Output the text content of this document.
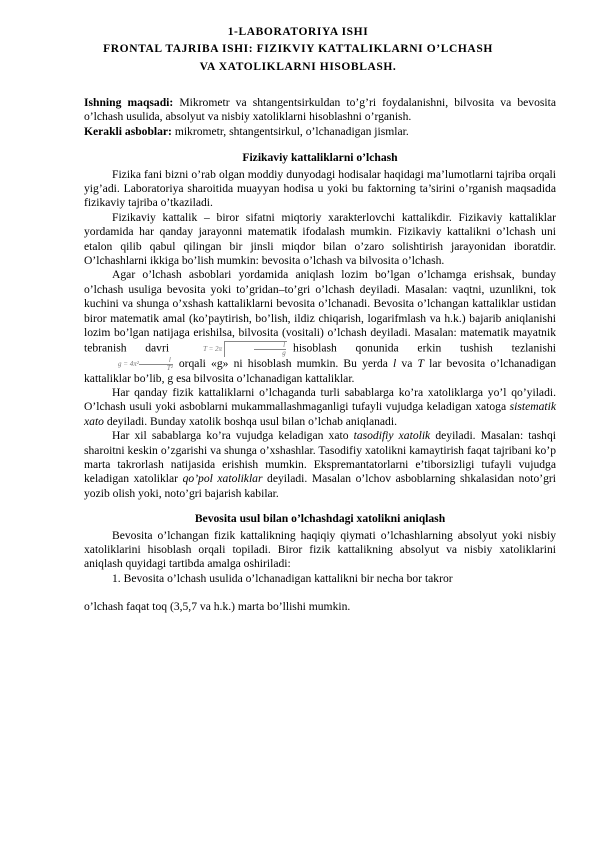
1-LABORATORIYA ISHI
FRONTAL TAJRIBA ISHI: FIZIKVIY KATTALIKLARNI O’LCHASH
VA XATOLIKLARNI HISOBLASH.

Ishning maqsadi: Mikrometr va shtangentsirkuldan to’g’ri foydalanishni, bilvosita va bevosita o’lchash usulida, absolyut va nisbiy xatoliklarni hisoblashni o’rganish.

Kerakli asboblar: mikrometr, shtangentsirkul, o’lchanadigan jismlar.

Fizikaviy kattaliklarni o’lchash

Fizika fani bizni o’rab olgan moddiy dunyodagi hodisalar haqidagi ma’lumotlarni tajriba orqali yig’adi. Laboratoriya sharoitida muayyan hodisa u yoki bu faktorning ta’sirini o’rganish maqsadida fizikaviy tajriba o’tkaziladi.

Fizikaviy kattalik – biror sifatni miqtoriy xarakterlovchi kattalikdir. Fizikaviy kattaliklar yordamida har qanday jarayonni matematik ifodalash mumkin. Fizikaviy kattalikni o’lchash uni etalon qilib qabul qilingan bir jinsli miqdor bilan o’zaro solishtirish jarayonidan iboratdir. O’lchashlarni ikkiga bo’lish mumkin: bevosita o’lchash va bilvosita o’lchash.

Agar o’lchash asboblari yordamida aniqlash lozim bo’lgan o’lchamga erishsak, bunday o’lchash usuliga bevosita yoki to’gridan–to’gri o’lchash deyiladi. Masalan: vaqtni, uzunlikni, tok kuchini va shunga o’xshash kattaliklarni bevosita o’lchanadi. Bevosita o’lchangan kattaliklar ustidan biror matematik amal (ko’paytirish, bo’lish, ildiz chiqarish, logarifmlash va h.k.) bajarib aniqlanishi lozim bo’lgan natijaga erishilsa, bilvosita (vositali) o’lchash deyiladi. Masalan: matematik mayatnik tebranish davri	T = 2π	$\frac{l}{g}$ hisoblash qonunida erkin tushish tezlanishig = $4\pi^2 \frac{l}{\text{T²}}$ orqali «g» ni hisoblash mumkin. Bu yerda l va T lar bevosita o’lchanadigan kattaliklar bo’lib, g esa bilvosita o’lchanadigan kattaliklar.

Har qanday fizik kattaliklarni o’lchaganda turli sabablarga ko’ra xatoliklarga yo’l qo’yiladi. O’lchash usuli yoki asboblarni mukammallashmaganligi tufayli vujudga keladigan xatoga sistematik xato deyiladi. Bunday xatolik boshqa usul bilan o’lchab aniqlanadi.

Har xil sabablarga ko’ra vujudga keladigan xato tasodifiy xatolik deyiladi. Masalan: tashqi sharoitni keskin o’zgarishi va shunga o’xshashlar. Tasodifiy xatolikni kamaytirish faqat tajribani ko’p marta takrorlash natijasida erishish mumkin. Ekspremantatorlarni e’tiborsizligi tufayli vujudga keladigan xatoliklar qo’pol xatoliklar deyiladi. Masalan o’lchov asboblarning shkalasidan noto’gri yozib olish yoki, noto’gri bajarish kabilar.

Bevosita usul bilan o’lchashdagi xatolikni aniqlash

Bevosita o’lchangan fizik kattalikning haqiqiy qiymati o’lchashlarning absolyut yoki nisbiy xatoliklarini hisoblash orqali topiladi. Biror fizik kattalikning absolyut va nisbiy xatoliklarini aniqlash quyidagi tartibda amalga oshiriladi:

1. Bevosita o’lchash usulida o’lchanadigan kattalikni bir necha bor takror

o’lchash faqat toq (3,5,7 va h.k.) marta bo’llishi mumkin.
